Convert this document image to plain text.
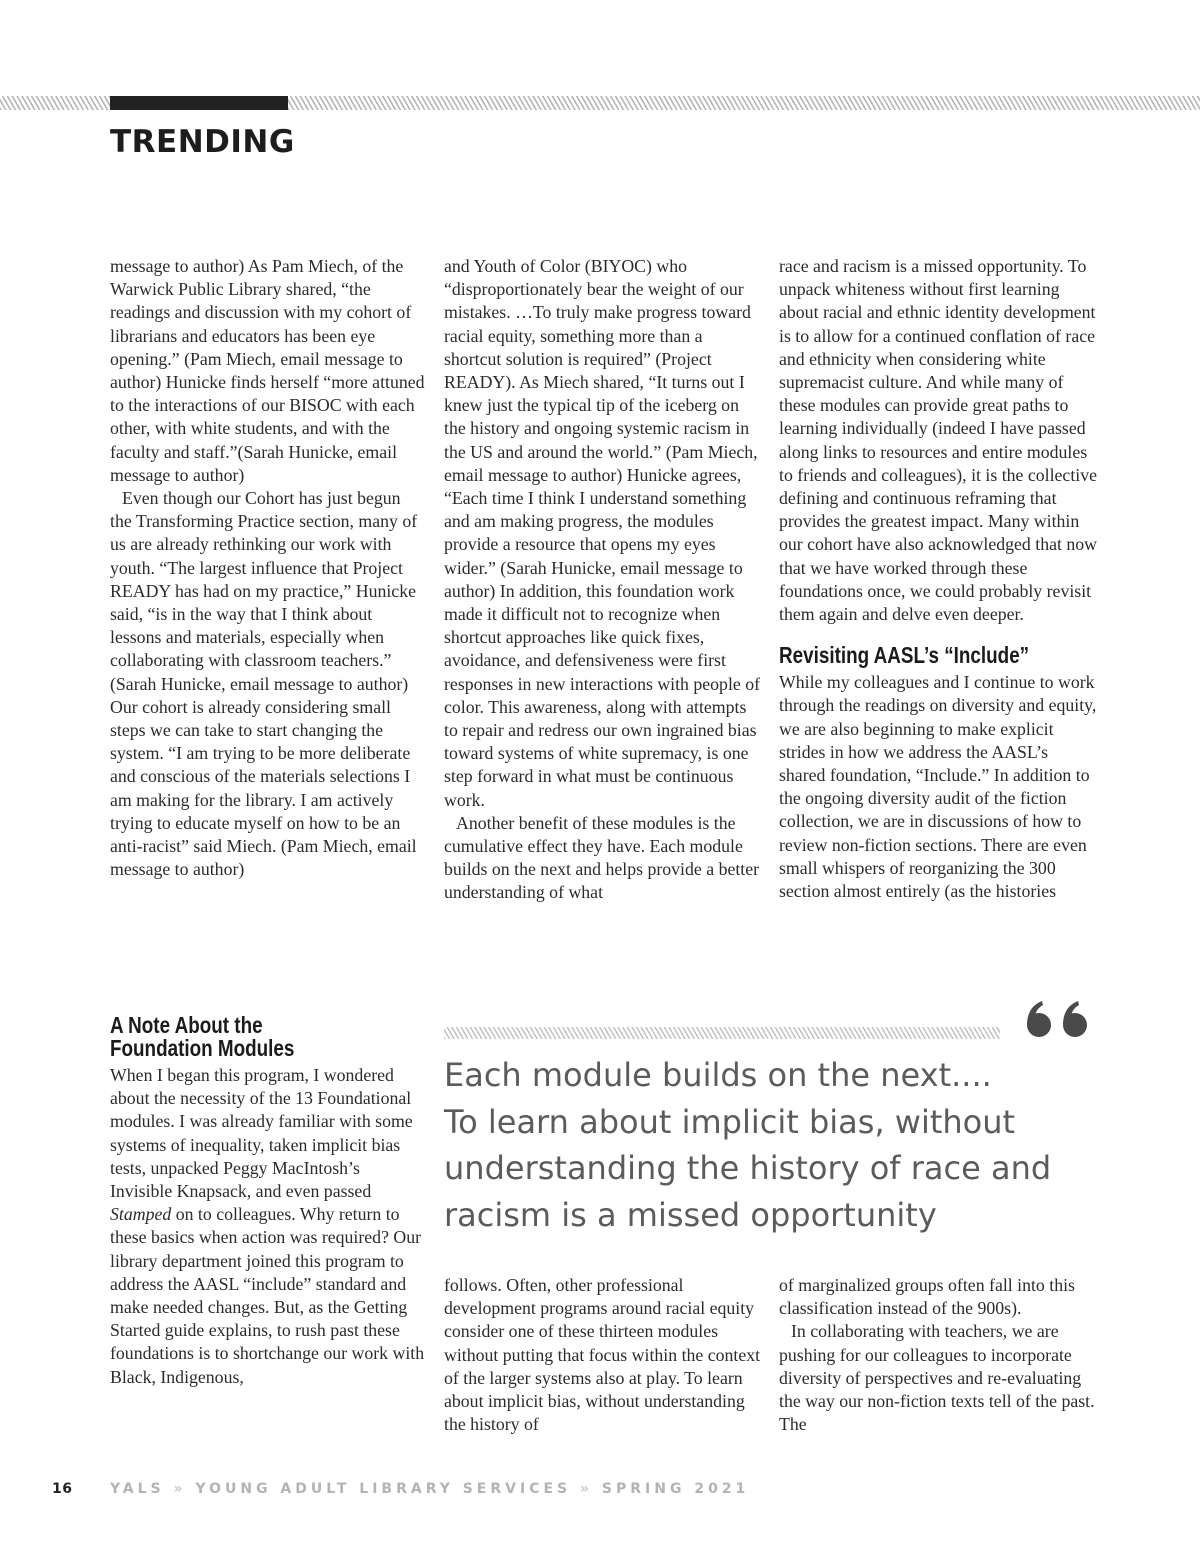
TRENDING

message to author) As Pam Miech, of the Warwick Public Library shared, “the readings and discussion with my cohort of librarians and educators has been eye opening.” (Pam Miech, email message to author) Hunicke finds herself “more attuned to the interactions of our BISOC with each other, with white students, and with the faculty and staff.”(Sarah Hunicke, email message to author)

Even though our Cohort has just begun the Transforming Practice section, many of us are already rethinking our work with youth. “The largest influence that Project READY has had on my practice,” Hunicke said, “is in the way that I think about lessons and materials, especially when collaborating with classroom teachers.” (Sarah Hunicke, email message to author) Our cohort is already considering small steps we can take to start changing the system. “I am trying to be more deliberate and conscious of the materials selections I am making for the library. I am actively trying to educate myself on how to be an anti-racist” said Miech. (Pam Miech, email message to author)

and Youth of Color (BIYOC) who “disproportionately bear the weight of our mistakes. …To truly make progress toward racial equity, something more than a shortcut solution is required” (Project READY). As Miech shared, “It turns out I knew just the typical tip of the iceberg on the history and ongoing systemic racism in the US and around the world.” (Pam Miech, email message to author) Hunicke agrees, “Each time I think I understand something and am making progress, the modules provide a resource that opens my eyes wider.” (Sarah Hunicke, email message to author) In addition, this foundation work made it difficult not to recognize when shortcut approaches like quick fixes, avoidance, and defensiveness were first responses in new interactions with people of color. This awareness, along with attempts to repair and redress our own ingrained bias toward systems of white supremacy, is one step forward in what must be continuous work.

Another benefit of these modules is the cumulative effect they have. Each module builds on the next and helps provide a better understanding of what

race and racism is a missed opportunity. To unpack whiteness without first learning about racial and ethnic identity development is to allow for a continued conflation of race and ethnicity when considering white supremacist culture. And while many of these modules can provide great paths to learning individually (indeed I have passed along links to resources and entire modules to friends and colleagues), it is the collective defining and continuous reframing that provides the greatest impact. Many within our cohort have also acknowledged that now that we have worked through these foundations once, we could probably revisit them again and delve even deeper.

Revisiting AASL’s “Include”

While my colleagues and I continue to work through the readings on diversity and equity, we are also beginning to make explicit strides in how we address the AASL’s shared foundation, “Include.” In addition to the ongoing diversity audit of the fiction collection, we are in discussions of how to review non-fiction sections. There are even small whispers of reorganizing the 300 section almost entirely (as the histories

A Note About the
Foundation Modules

When I began this program, I wondered about the necessity of the 13 Foundational modules. I was already familiar with some systems of inequality, taken implicit bias tests, unpacked Peggy MacIntosh’s Invisible Knapsack, and even passed Stamped on to colleagues. Why return to these basics when action was required? Our library department joined this program to address the AASL “include” standard and make needed changes. But, as the Getting Started guide explains, to rush past these foundations is to shortchange our work with Black, Indigenous,

Each module builds on the next....
To learn about implicit bias, without
understanding the history of race and
racism is a missed opportunity

follows. Often, other professional development programs around racial equity consider one of these thirteen modules without putting that focus within the context of the larger systems also at play. To learn about implicit bias, without understanding the history of

of marginalized groups often fall into this classification instead of the 900s).

In collaborating with teachers, we are pushing for our colleagues to incorporate diversity of perspectives and re-evaluating the way our non-fiction texts tell of the past. The

16	YALS » YOUNG ADULT LIBRARY SERVICES » SPRING 2021
